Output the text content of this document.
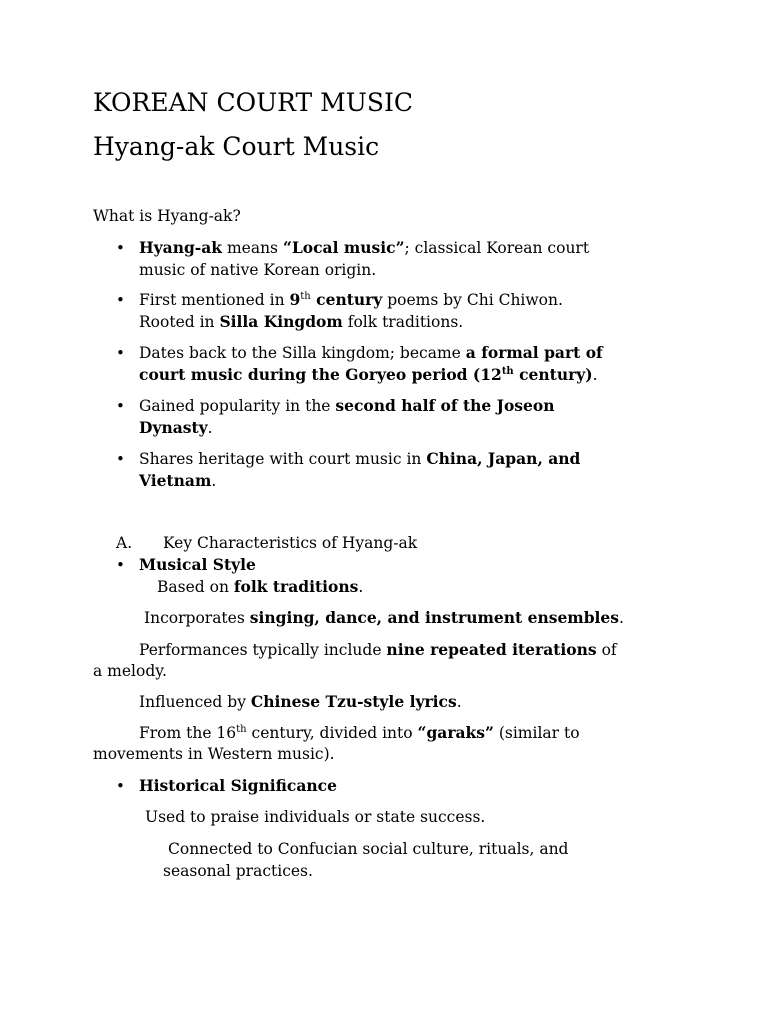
KOREAN COURT MUSIC
Hyang-ak Court Music
What is Hyang-ak?
• Hyang-ak means “Local music”; classical Korean court
music of native Korean origin.
• First mentioned in 9th century poems by Chi Chiwon.
Rooted in Silla Kingdom folk traditions.
• Dates back to the Silla kingdom; became a formal part of
court music during the Goryeo period (12th century).
• Gained popularity in the second half of the Joseon
Dynasty.
• Shares heritage with court music in China, Japan, and
Vietnam.
A. Key Characteristics of Hyang-ak
• Musical Style
Based on folk traditions.
Incorporates singing, dance, and instrument ensembles.
Performances typically include nine repeated iterations of
a melody.
Influenced by Chinese Tzu-style lyrics.
From the 16th century, divided into “garaks” (similar to
movements in Western music).
• Historical Significance
Used to praise individuals or state success.
Connected to Confucian social culture, rituals, and
seasonal practices.
